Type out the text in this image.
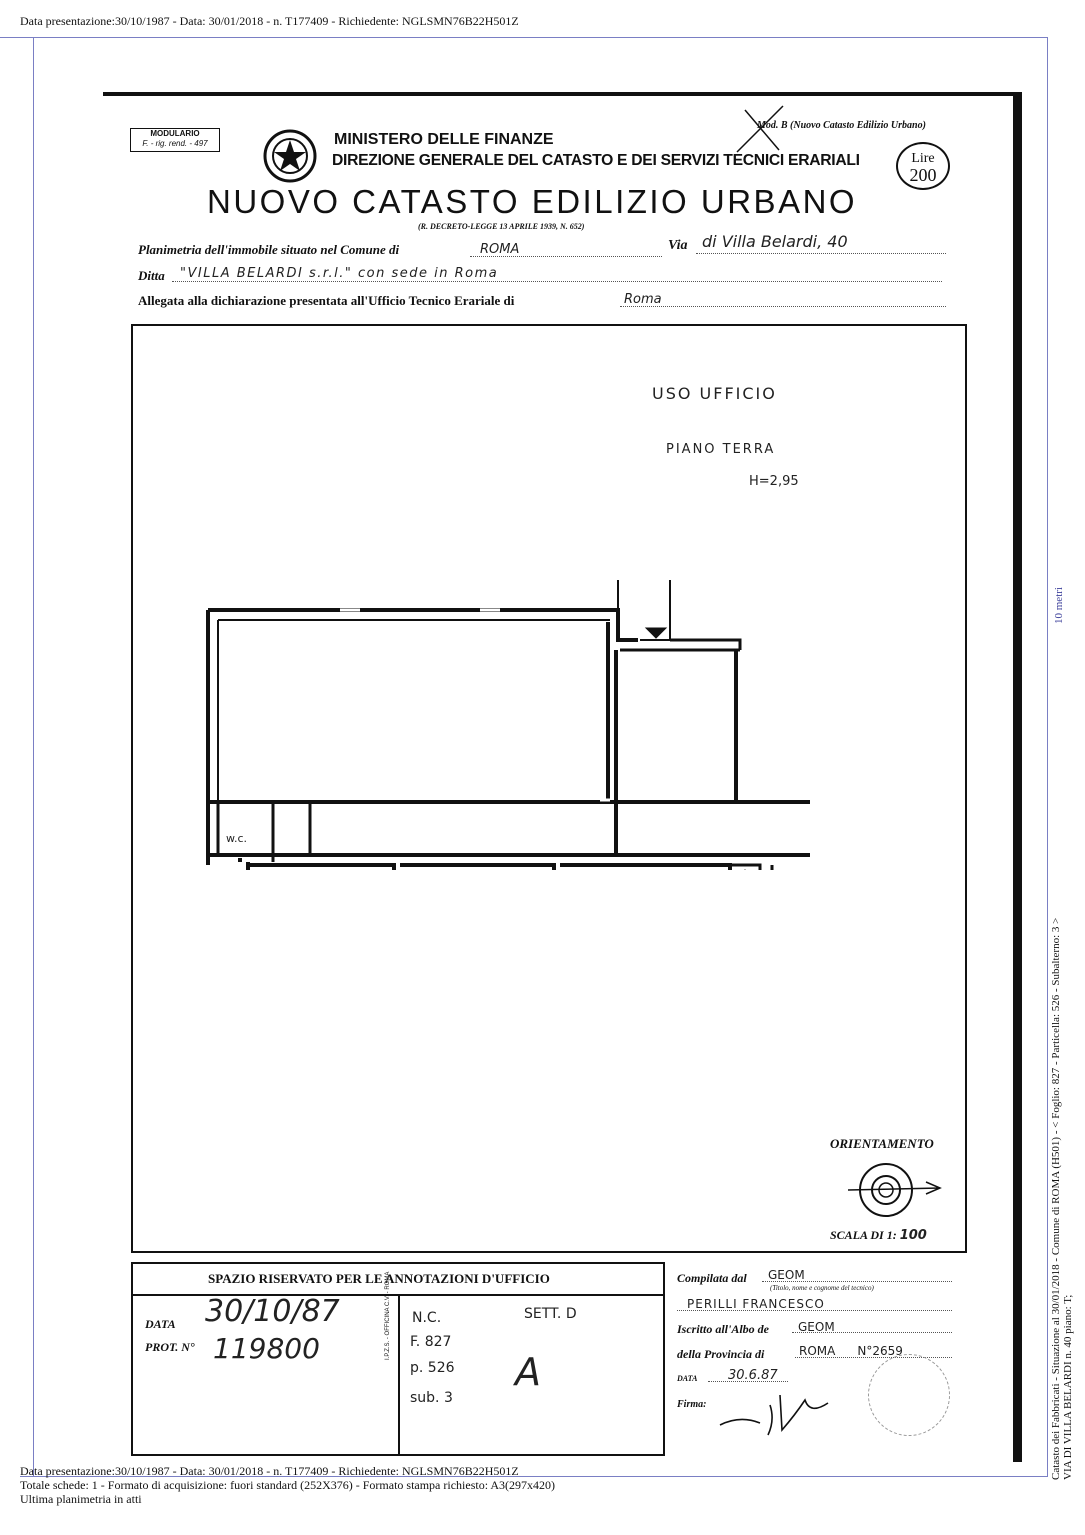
Data presentazione:30/10/1987 - Data: 30/01/2018 - n. T177409 - Richiedente: NGLSMN76B22H501Z
MODULARIO
F. - rig. rend. - 497	MINISTERO DELLE FINANZE
DIREZIONE GENERALE DEL CATASTO E DEI SERVIZI TECNICI ERARIALI
Mod. B (Nuovo Catasto Edilizio Urbano)
Lire
200
NUOVO CATASTO EDILIZIO URBANO
(R. DECRETO-LEGGE 13 APRILE 1939, N. 652)
Planimetria dell'immobile situato nel Comune di	ROMA	Via di Villa Belardi, 40
Ditta	"VILLA BELARDI s.r.l." con sede in Roma
Allegata alla dichiarazione presentata all'Ufficio Tecnico Erariale di	Roma
USO UFFICIO
PIANO TERRA
H=2,95
w.c.
ORIENTAMENTO
SCALA DI 1: 100
SPAZIO RISERVATO PER LE ANNOTAZIONI D'UFFICIO
DATA 30/10/87
PROT. N° 119800	I.P.Z.S. - OFFICINA C.V. - ROMA N.C.	SETT. D
F. 827
p. 526
sub. 3
A
Compilata dal	GEOM
(Titolo, nome e cognome del tecnico)
PERILLI FRANCESCO
Iscritto all'Albo de	GEOM
della Provincia di	ROMA N°2659
DATA	30.6.87
Firma:
10 metri
Catasto dei Fabbricati - Situazione al 30/01/2018 - Comune di ROMA (H501) - < Foglio: 827 - Particella: 526 - Subalterno: 3 > VIA DI VILLA BELARDI n. 40 piano: T;
Data presentazione:30/10/1987 - Data: 30/01/2018 - n. T177409 - Richiedente: NGLSMN76B22H501Z
Totale schede: 1 - Formato di acquisizione: fuori standard (252X376) - Formato stampa richiesto: A3(297x420)
Ultima planimetria in atti
